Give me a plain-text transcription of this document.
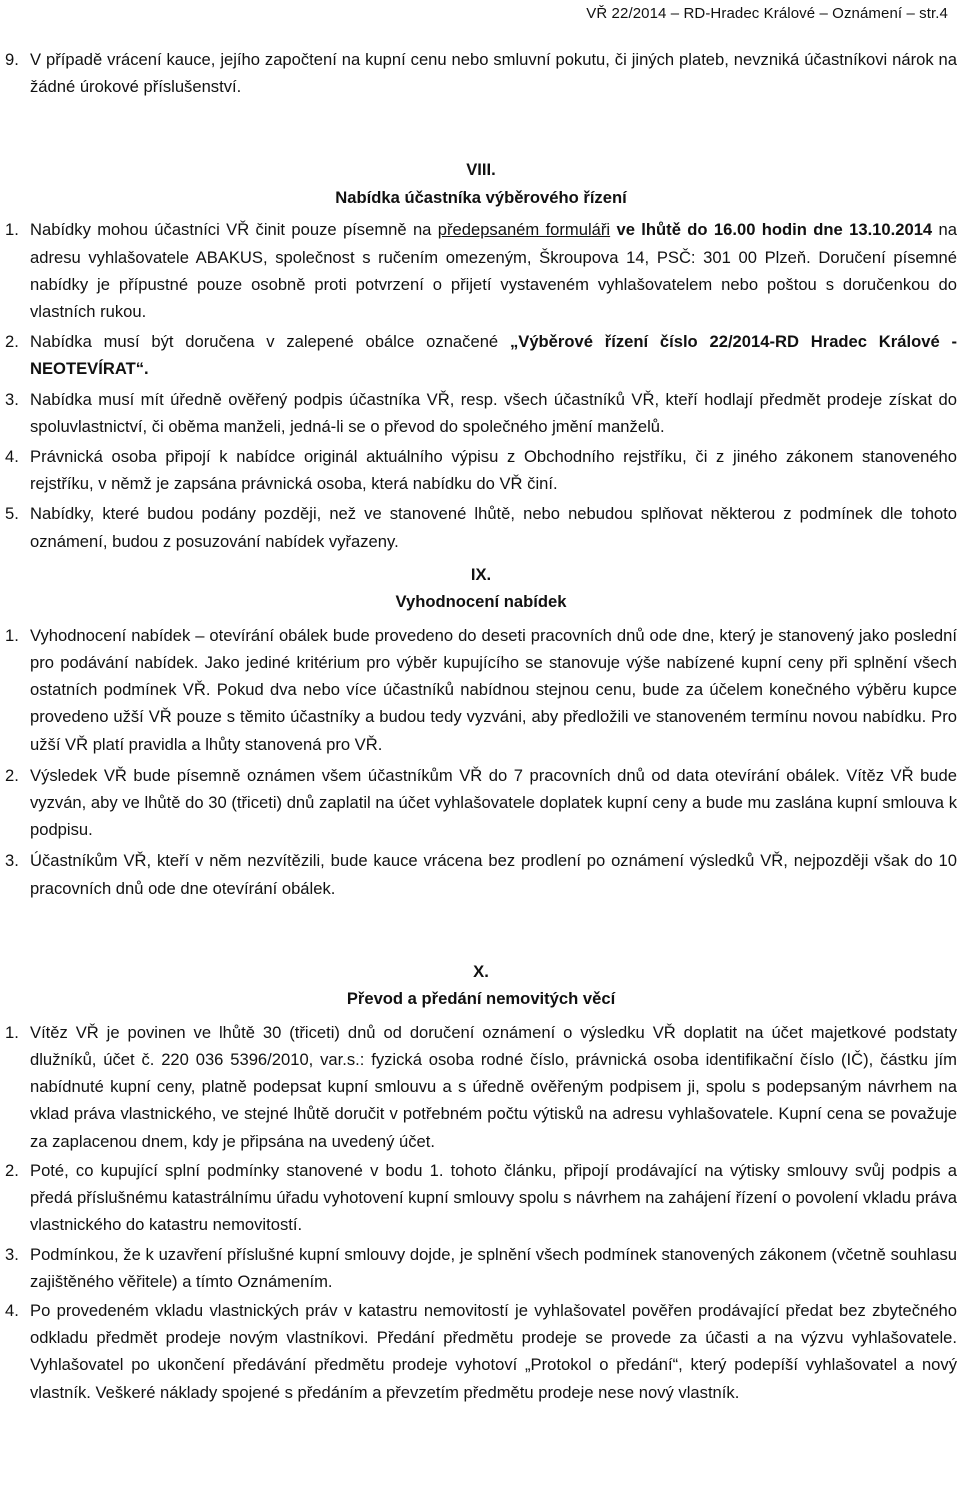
VŘ 22/2014 – RD-Hradec Králové – Oznámení – str.4
9. V případě vrácení kauce, jejího započtení na kupní cenu nebo smluvní pokutu, či jiných plateb, nevzniká účastníkovi nárok na žádné úrokové příslušenství.
VIII.
Nabídka účastníka výběrového řízení
1. Nabídky mohou účastníci VŘ činit pouze písemně na předepsaném formuláři ve lhůtě do 16.00 hodin dne 13.10.2014 na adresu vyhlašovatele ABAKUS, společnost s ručením omezeným, Škroupova 14, PSČ: 301 00 Plzeň. Doručení písemné nabídky je přípustné pouze osobně proti potvrzení o přijetí vystaveném vyhlašovatelem nebo poštou s doručenkou do vlastních rukou.
2. Nabídka musí být doručena v zalepené obálce označené „Výběrové řízení číslo 22/2014-RD Hradec Králové - NEOTEVÍRAT“.
3. Nabídka musí mít úředně ověřený podpis účastníka VŘ, resp. všech účastníků VŘ, kteří hodlají předmět prodeje získat do spoluvlastnictví, či oběma manželi, jedná-li se o převod do společného jmění manželů.
4. Právnická osoba připojí k nabídce originál aktuálního výpisu z Obchodního rejstříku, či z jiného zákonem stanoveného rejstříku, v němž je zapsána právnická osoba, která nabídku do VŘ činí.
5. Nabídky, které budou podány později, než ve stanovené lhůtě, nebo nebudou splňovat některou z podmínek dle tohoto oznámení, budou z posuzování nabídek vyřazeny.
IX.
Vyhodnocení nabídek
1. Vyhodnocení nabídek – otevírání obálek bude provedeno do deseti pracovních dnů ode dne, který je stanovený jako poslední pro podávání nabídek. Jako jediné kritérium pro výběr kupujícího se stanovuje výše nabízené kupní ceny při splnění všech ostatních podmínek VŘ. Pokud dva nebo více účastníků nabídnou stejnou cenu, bude za účelem konečného výběru kupce provedeno užší VŘ pouze s těmito účastníky a budou tedy vyzváni, aby předložili ve stanoveném termínu novou nabídku. Pro užší VŘ platí pravidla a lhůty stanovená pro VŘ.
2. Výsledek VŘ bude písemně oznámen všem účastníkům VŘ do 7 pracovních dnů od data otevírání obálek. Vítěz VŘ bude vyzván, aby ve lhůtě do 30 (třiceti) dnů zaplatil na účet vyhlašovatele doplatek kupní ceny a bude mu zaslána kupní smlouva k podpisu.
3. Účastníkům VŘ, kteří v něm nezvítězili, bude kauce vrácena bez prodlení po oznámení výsledků VŘ, nejpozději však do 10 pracovních dnů ode dne otevírání obálek.
X.
Převod a předání nemovitých věcí
1. Vítěz VŘ je povinen ve lhůtě 30 (třiceti) dnů od doručení oznámení o výsledku VŘ doplatit na účet majetkové podstaty dlužníků, účet č. 220 036 5396/2010, var.s.: fyzická osoba rodné číslo, právnická osoba identifikační číslo (IČ), částku jím nabídnuté kupní ceny, platně podepsat kupní smlouvu a s úředně ověřeným podpisem ji, spolu s podepsaným návrhem na vklad práva vlastnického, ve stejné lhůtě doručit v potřebném počtu výtisků na adresu vyhlašovatele. Kupní cena se považuje za zaplacenou dnem, kdy je připsána na uvedený účet.
2. Poté, co kupující splní podmínky stanovené v bodu 1. tohoto článku, připojí prodávající na výtisky smlouvy svůj podpis a předá příslušnému katastrálnímu úřadu vyhotovení kupní smlouvy spolu s návrhem na zahájení řízení o povolení vkladu práva vlastnického do katastru nemovitostí.
3. Podmínkou, že k uzavření příslušné kupní smlouvy dojde, je splnění všech podmínek stanovených zákonem (včetně souhlasu zajištěného věřitele) a tímto Oznámením.
4. Po provedeném vkladu vlastnických práv v katastru nemovitostí je vyhlašovatel pověřen prodávající předat bez zbytečného odkladu předmět prodeje novým vlastníkovi. Předání předmětu prodeje se provede za účasti a na výzvu vyhlašovatele. Vyhlašovatel po ukončení předávání předmětu prodeje vyhotoví „Protokol o předání“, který podepíší vyhlašovatel a nový vlastník. Veškeré náklady spojené s předáním a převzetím předmětu prodeje nese nový vlastník.
